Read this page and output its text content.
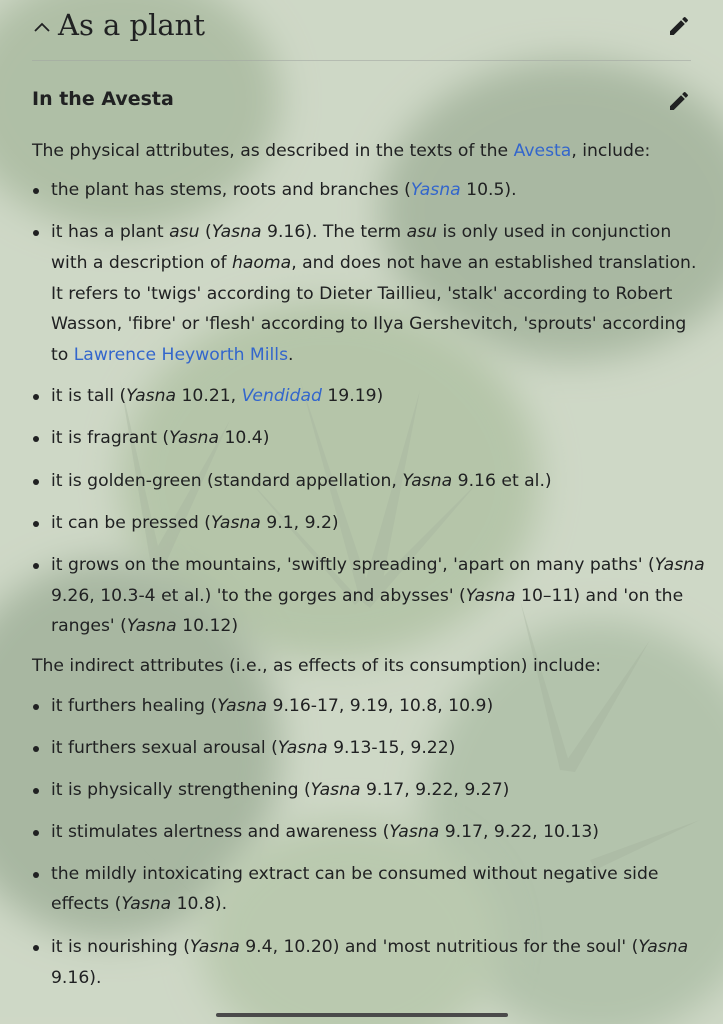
As a plant
In the Avesta
The physical attributes, as described in the texts of the Avesta, include:
the plant has stems, roots and branches (Yasna 10.5).
it has a plant asu (Yasna 9.16). The term asu is only used in conjunction
with a description of haoma, and does not have an established translation.
It refers to 'twigs' according to Dieter Taillieu, 'stalk' according to Robert
Wasson, 'fibre' or 'flesh' according to Ilya Gershevitch, 'sprouts' according
to Lawrence Heyworth Mills.
it is tall (Yasna 10.21, Vendidad 19.19)
it is fragrant (Yasna 10.4)
it is golden-green (standard appellation, Yasna 9.16 et al.)
it can be pressed (Yasna 9.1, 9.2)
it grows on the mountains, 'swiftly spreading', 'apart on many paths' (Yasna
9.26, 10.3-4 et al.) 'to the gorges and abysses' (Yasna 10–11) and 'on the
ranges' (Yasna 10.12)
The indirect attributes (i.e., as effects of its consumption) include:
it furthers healing (Yasna 9.16-17, 9.19, 10.8, 10.9)
it furthers sexual arousal (Yasna 9.13-15, 9.22)
it is physically strengthening (Yasna 9.17, 9.22, 9.27)
it stimulates alertness and awareness (Yasna 9.17, 9.22, 10.13)
the mildly intoxicating extract can be consumed without negative side
effects (Yasna 10.8).
it is nourishing (Yasna 9.4, 10.20) and 'most nutritious for the soul' (Yasna
9.16).
